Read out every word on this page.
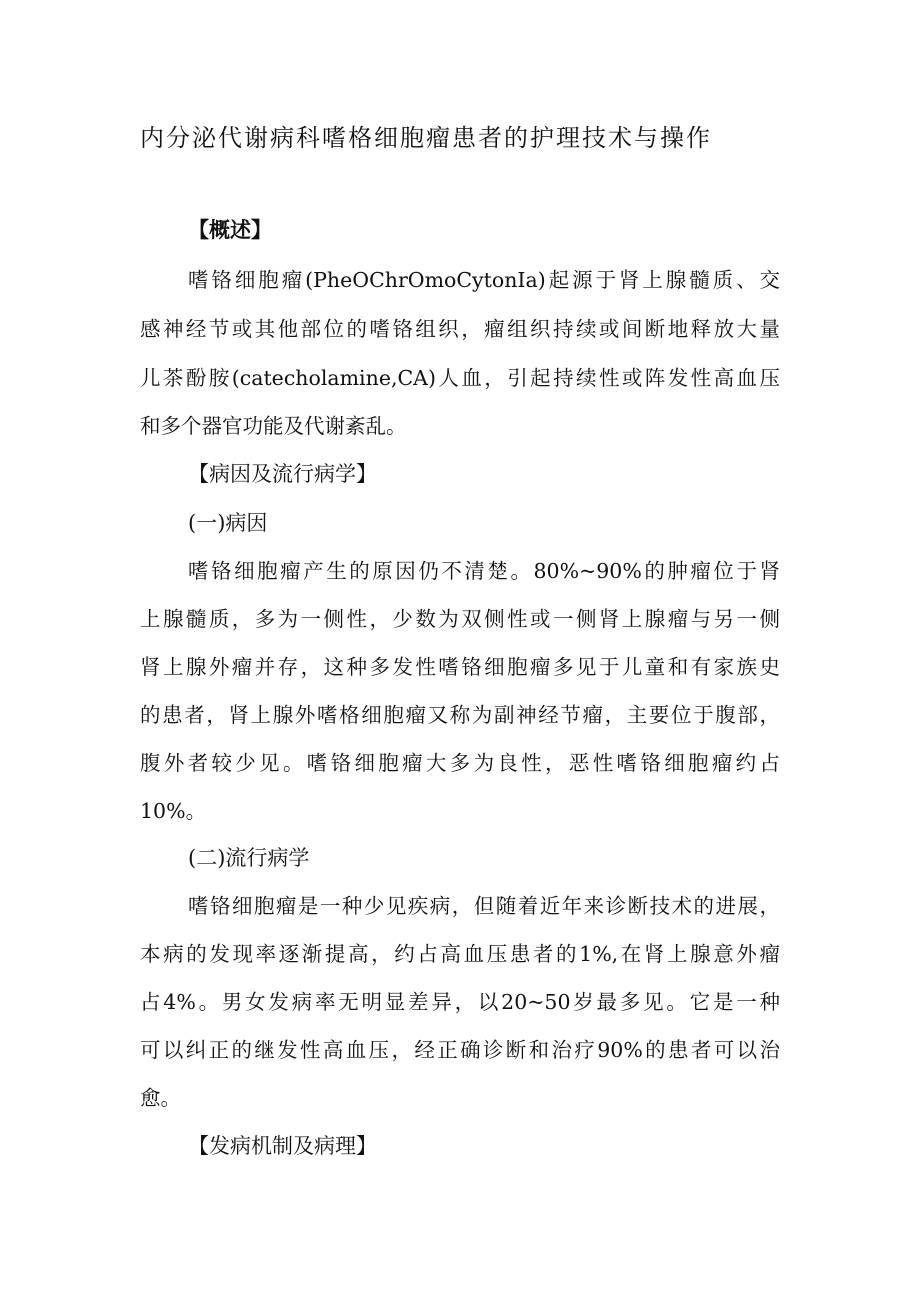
内分泌代谢病科嗜格细胞瘤患者的护理技术与操作
【概述】
嗜铬细胞瘤(PheOChrOmoCytonIa)起源于肾上腺髓质、交
感神经节或其他部位的嗜铬组织，瘤组织持续或间断地释放大量
儿茶酚胺(catecholamine,CA)人血，引起持续性或阵发性高血压
和多个器官功能及代谢紊乱。
【病因及流行病学】
(一)病因
嗜铬细胞瘤产生的原因仍不清楚。80%~90%的肿瘤位于肾
上腺髓质，多为一侧性，少数为双侧性或一侧肾上腺瘤与另一侧
肾上腺外瘤并存，这种多发性嗜铬细胞瘤多见于儿童和有家族史
的患者，肾上腺外嗜格细胞瘤又称为副神经节瘤，主要位于腹部，
腹外者较少见。嗜铬细胞瘤大多为良性，恶性嗜铬细胞瘤约占
10%。
(二)流行病学
嗜铬细胞瘤是一种少见疾病，但随着近年来诊断技术的进展，
本病的发现率逐渐提高，约占高血压患者的1%,在肾上腺意外瘤
占4%。男女发病率无明显差异，以20~50岁最多见。它是一种
可以纠正的继发性高血压，经正确诊断和治疗90%的患者可以治
愈。
【发病机制及病理】
